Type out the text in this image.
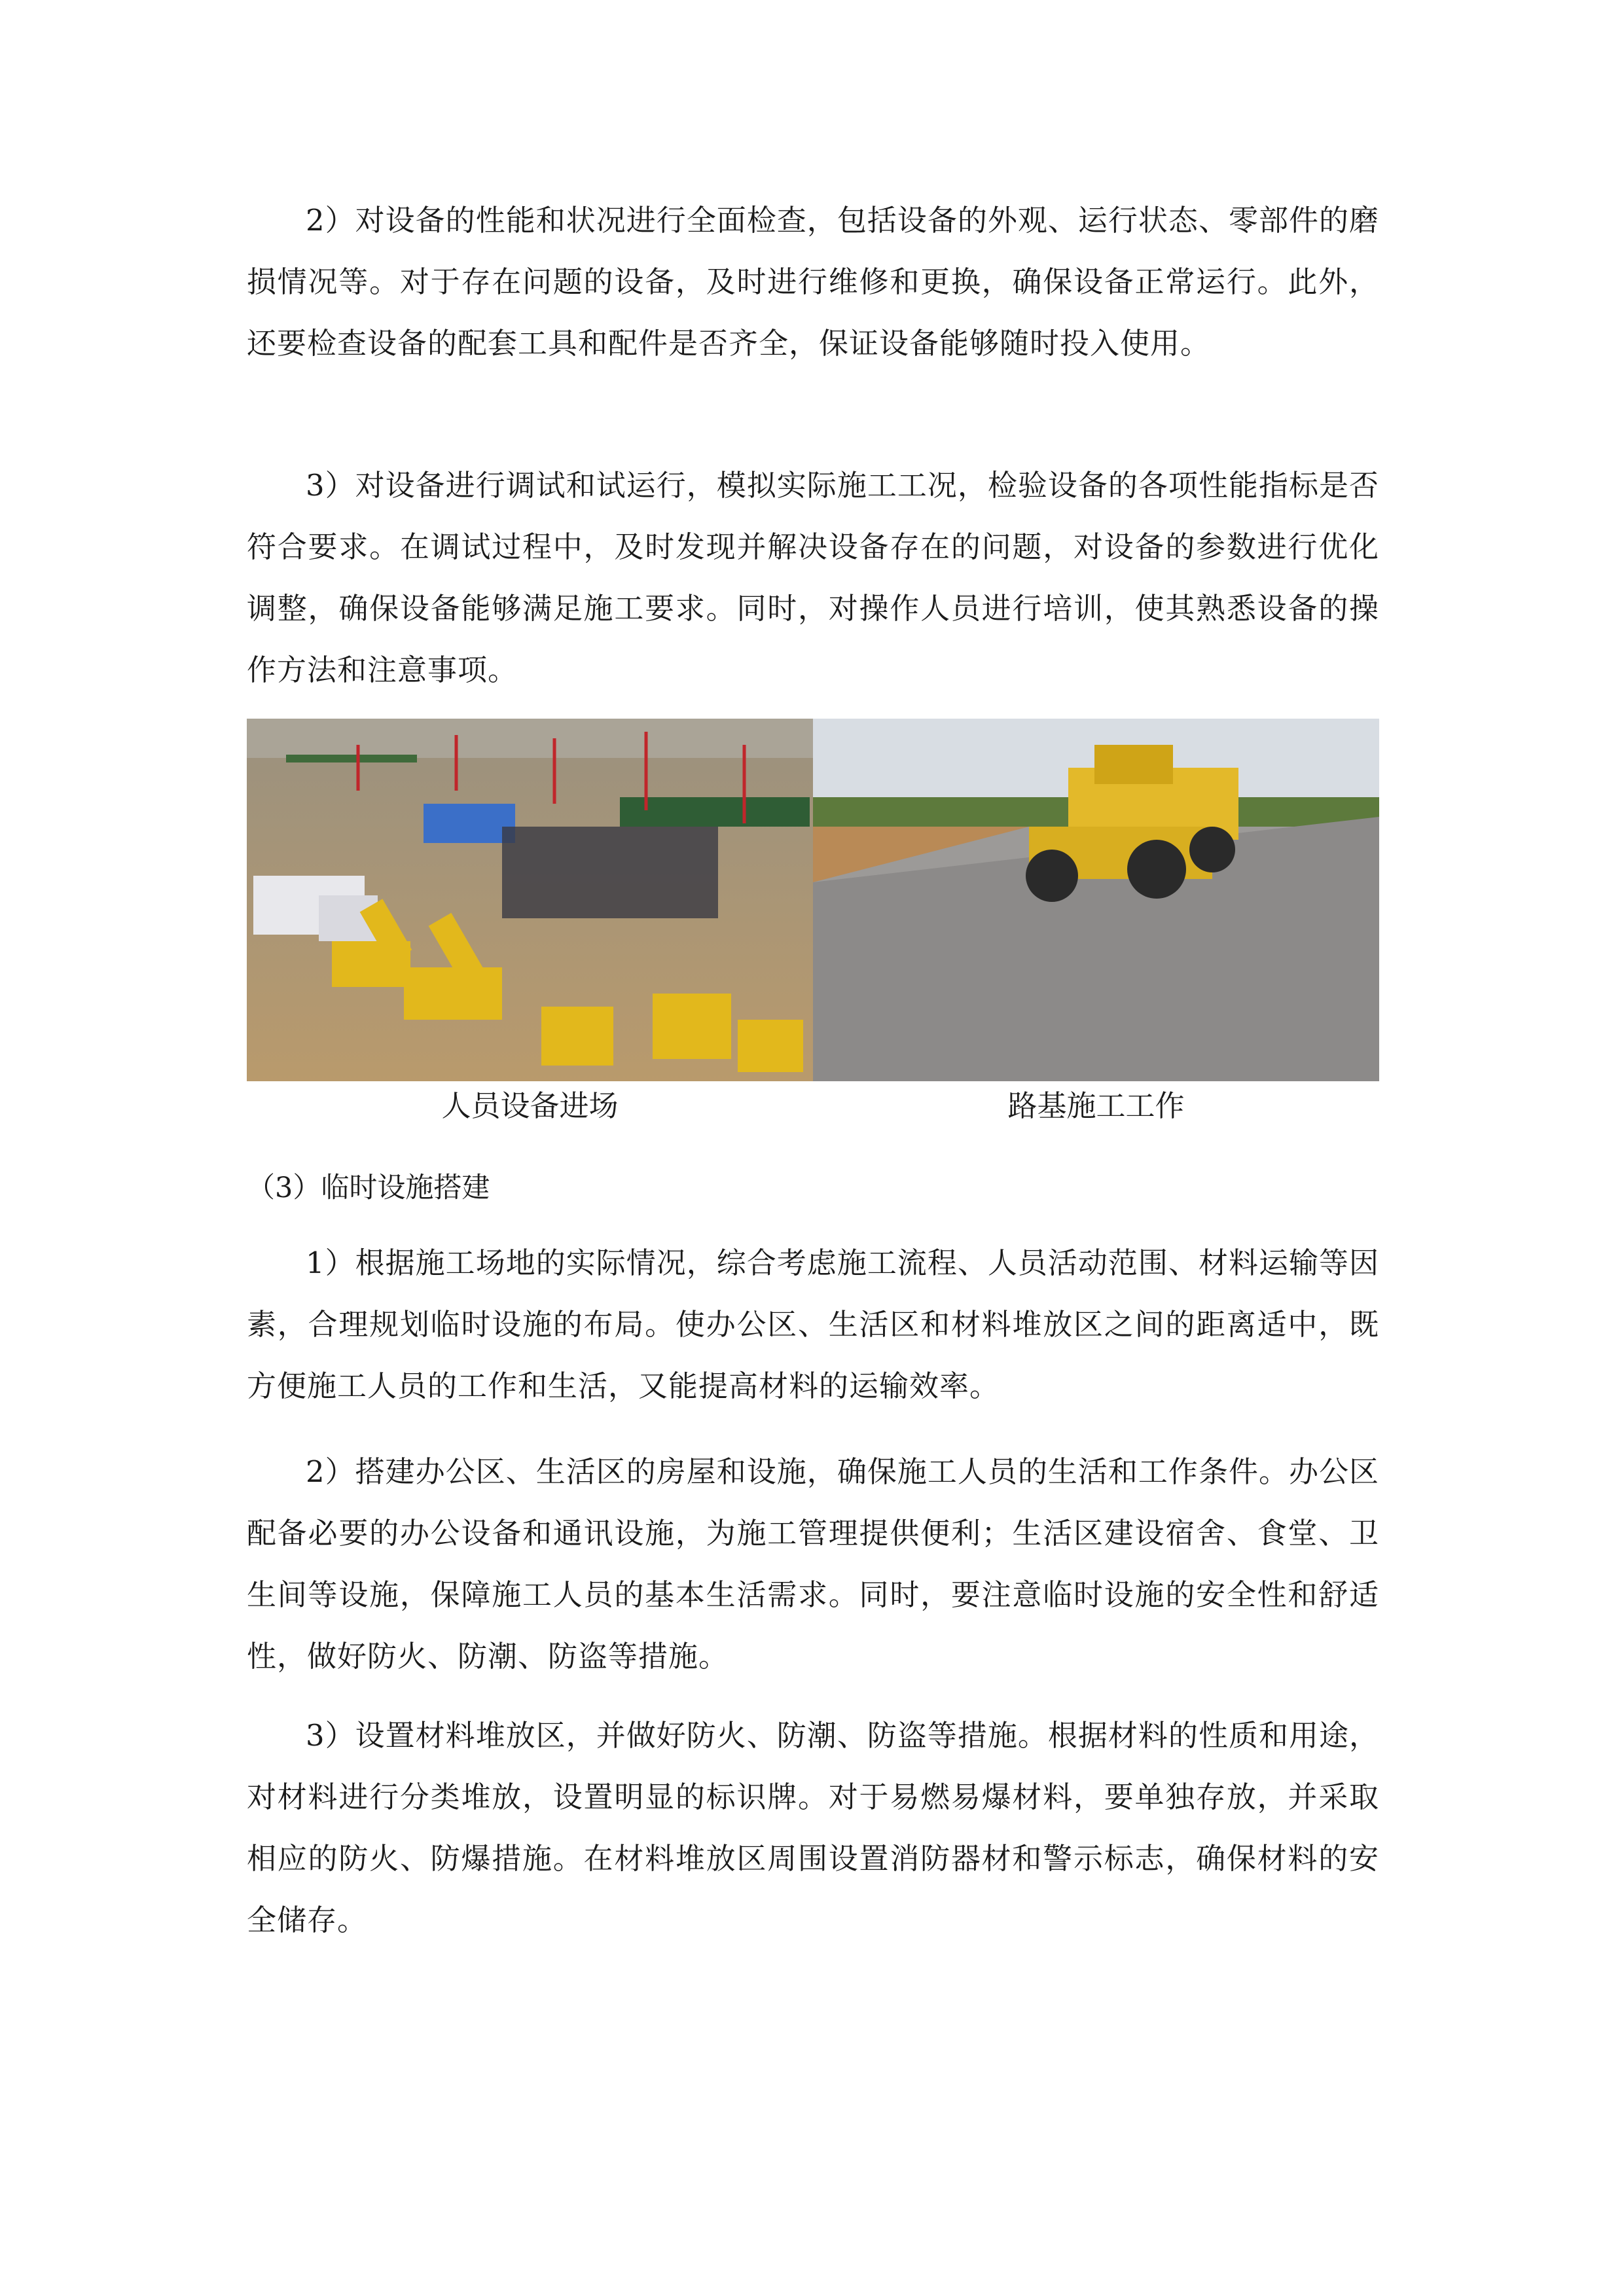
2）对设备的性能和状况进行全面检查，包括设备的外观、运行状态、零部件的磨损情况等。对于存在问题的设备，及时进行维修和更换，确保设备正常运行。此外，还要检查设备的配套工具和配件是否齐全，保证设备能够随时投入使用。

3）对设备进行调试和试运行，模拟实际施工工况，检验设备的各项性能指标是否符合要求。在调试过程中，及时发现并解决设备存在的问题，对设备的参数进行优化调整，确保设备能够满足施工要求。同时，对操作人员进行培训，使其熟悉设备的操作方法和注意事项。

人员设备进场	路基施工工作

（3）临时设施搭建

1）根据施工场地的实际情况，综合考虑施工流程、人员活动范围、材料运输等因素，合理规划临时设施的布局。使办公区、生活区和材料堆放区之间的距离适中，既方便施工人员的工作和生活，又能提高材料的运输效率。

2）搭建办公区、生活区的房屋和设施，确保施工人员的生活和工作条件。办公区配备必要的办公设备和通讯设施，为施工管理提供便利；生活区建设宿舍、食堂、卫生间等设施，保障施工人员的基本生活需求。同时，要注意临时设施的安全性和舒适性，做好防火、防潮、防盗等措施。

3）设置材料堆放区，并做好防火、防潮、防盗等措施。根据材料的性质和用途，对材料进行分类堆放，设置明显的标识牌。对于易燃易爆材料，要单独存放，并采取相应的防火、防爆措施。在材料堆放区周围设置消防器材和警示标志，确保材料的安全储存。
